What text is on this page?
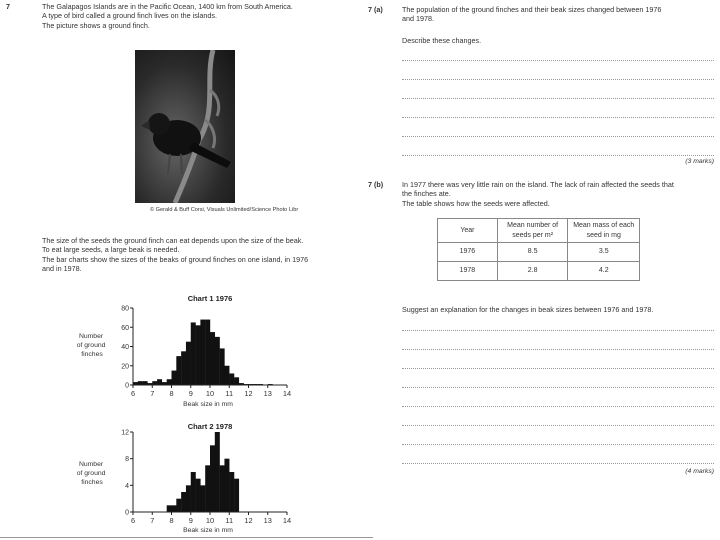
7	The Galapagos Islands are in the Pacific Ocean, 1400 km from South America.
A type of bird called a ground finch lives on the islands.
The picture shows a ground finch.
© Gerald & Buff Corsi, Visuals Unlimited/Science Photo Libr
The size of the seeds the ground finch can eat depends upon the size of the beak.
To eat large seeds, a large beak is needed.
The bar charts show the sizes of the beaks of ground finches on one island, in 1976
and in 1978.
Chart 1 1976
Number of ground finches
0
20
40
60
80
6 7 8 9 10 11 12 13 14
Beak size in mm
Chart 2 1978
Number of ground finches
0
4
8
12
6 7 8 9 10 11 12 13 14
Beak size in mm
7 (a)	The population of the ground finches and their beak sizes changed between 1976
and 1978.
Describe these changes.
(3 marks)
7 (b)	In 1977 there was very little rain on the island. The lack of rain affected the seeds that
the finches ate.
The table shows how the seeds were affected.
Year	Mean number of seeds per m²	Mean mass of each seed in mg
1976	8.5	3.5
1978	2.8	4.2
Suggest an explanation for the changes in beak sizes between 1976 and 1978.
(4 marks)
